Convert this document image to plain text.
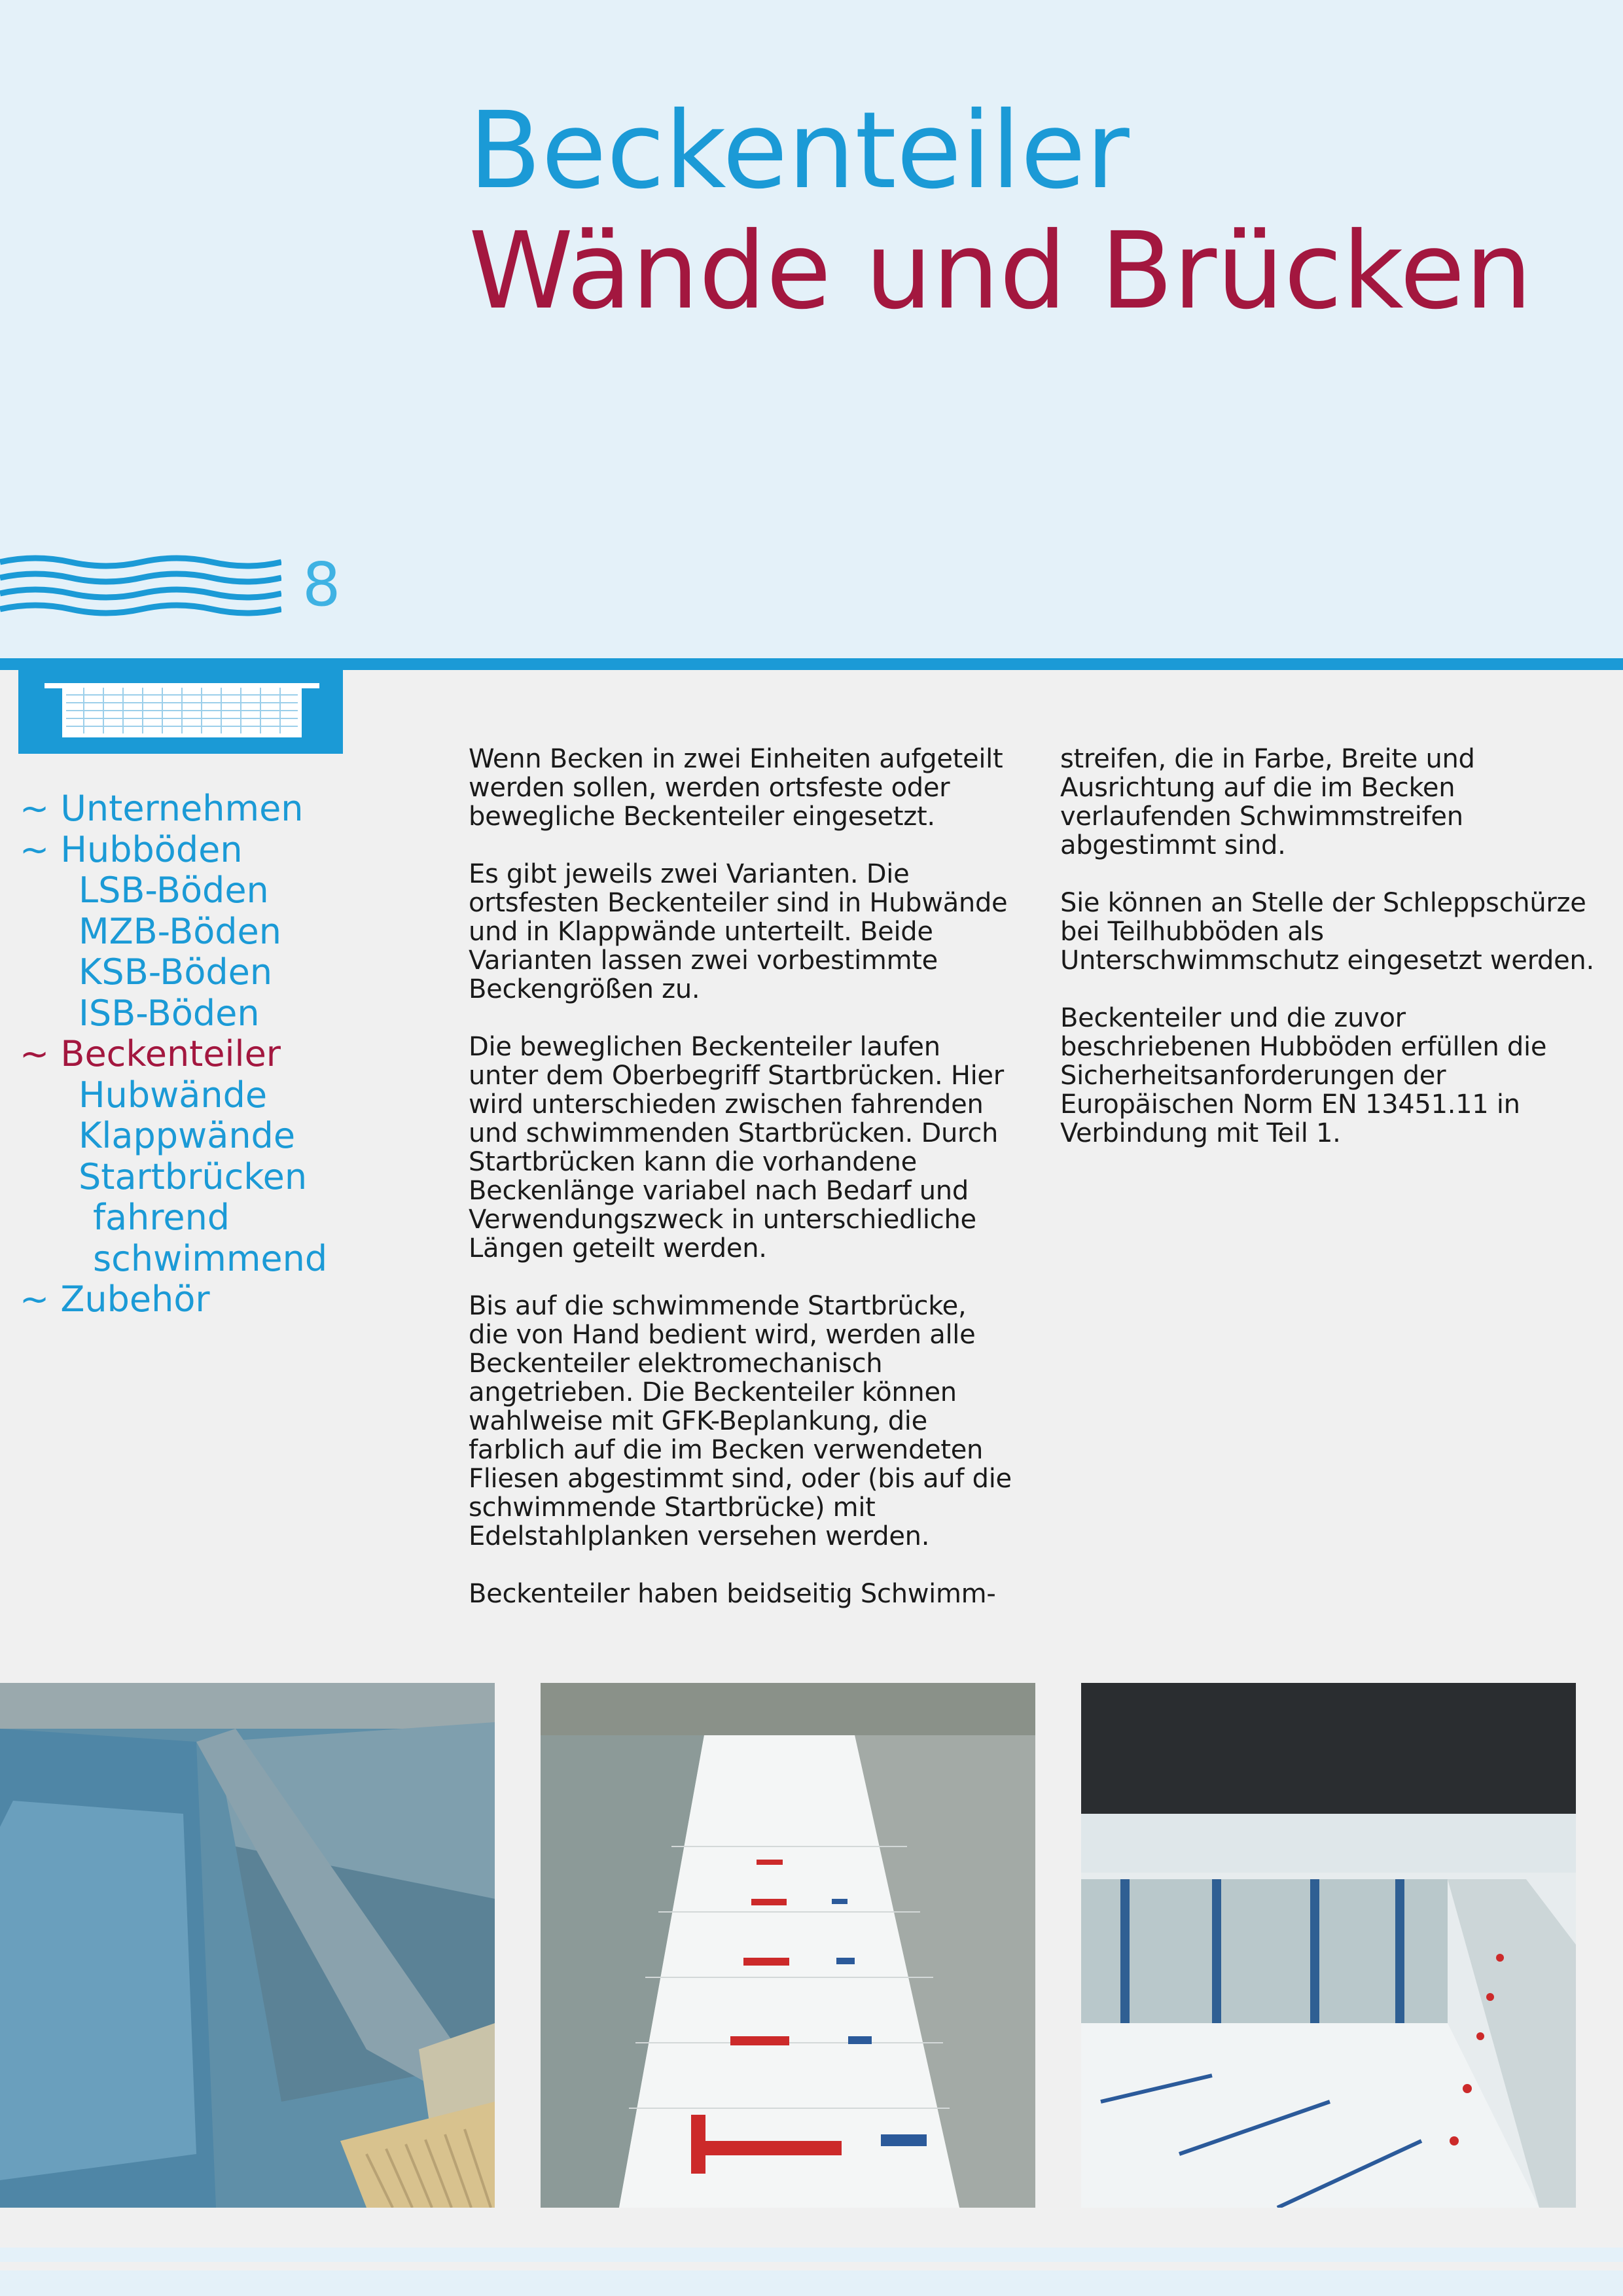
Beckenteiler
Wände und Brücken
8
~ Unternehmen
~ Hubböden
LSB-Böden
MZB-Böden
KSB-Böden
ISB-Böden
~ Beckenteiler
Hubwände
Klappwände
Startbrücken
fahrend
schwimmend
~ Zubehör

Wenn Becken in zwei Einheiten aufgeteilt werden sollen, werden ortsfeste oder bewegliche Beckenteiler eingesetzt.

Es gibt jeweils zwei Varianten. Die ortsfesten Beckenteiler sind in Hubwände und in Klappwände unterteilt. Beide Varianten lassen zwei vorbestimmte Beckengrößen zu.

Die beweglichen Beckenteiler laufen unter dem Oberbegriff Startbrücken. Hier wird unterschieden zwischen fahrenden und schwimmenden Startbrücken. Durch Startbrücken kann die vorhandene Beckenlänge variabel nach Bedarf und Verwendungszweck in unterschiedliche Längen geteilt werden.

Bis auf die schwimmende Startbrücke, die von Hand bedient wird, werden alle Beckenteiler elektromechanisch angetrieben. Die Beckenteiler können wahlweise mit GFK-Beplankung, die farblich auf die im Becken verwendeten Fliesen abgestimmt sind, oder (bis auf die schwimmende Startbrücke) mit Edelstahlplanken versehen werden.

Beckenteiler haben beidseitig Schwimm-

streifen, die in Farbe, Breite und Ausrichtung auf die im Becken verlaufenden Schwimmstreifen abgestimmt sind.

Sie können an Stelle der Schleppschürze bei Teilhubböden als Unterschwimmschutz eingesetzt werden.

Beckenteiler und die zuvor beschriebenen Hubböden erfüllen die Sicherheitsanforderungen der Europäischen Norm EN 13451.11 in Verbindung mit Teil 1.
